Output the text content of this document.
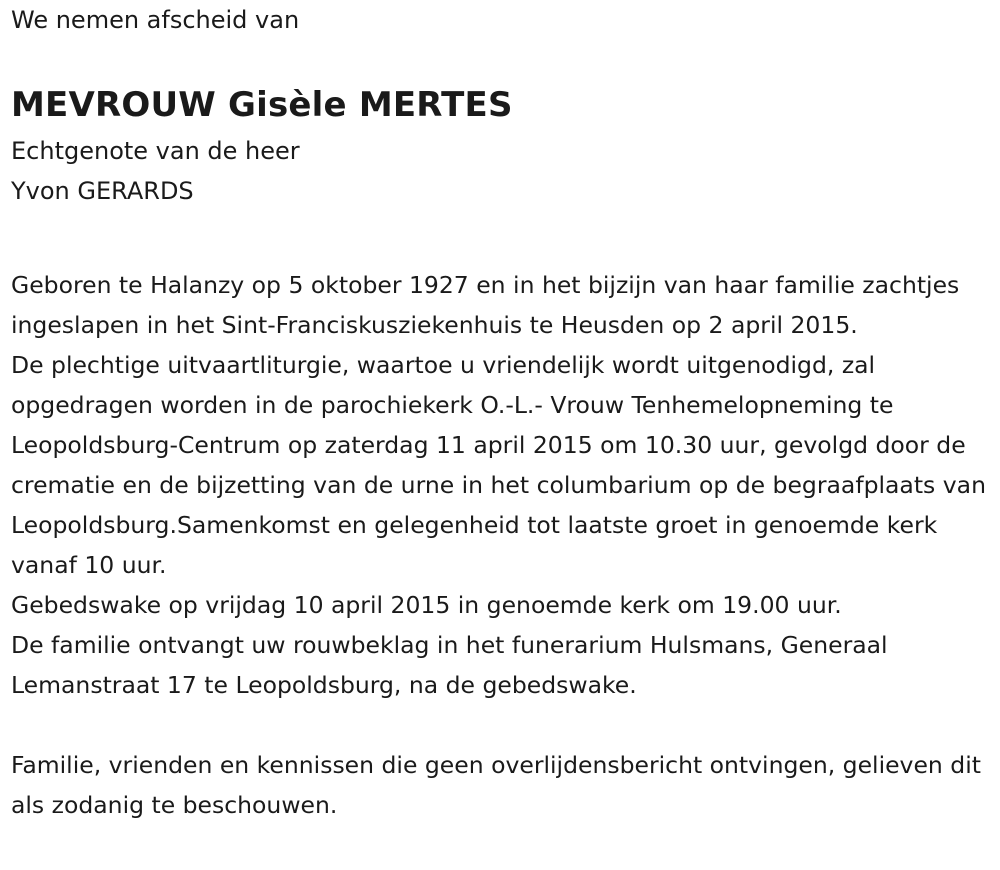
We nemen afscheid van

MEVROUW Gisèle MERTES

Echtgenote van de heer

Yvon GERARDS

Geboren te Halanzy op 5 oktober 1927 en in het bijzijn van haar familie zachtjes ingeslapen in het Sint-Franciskusziekenhuis te Heusden op 2 april 2015.

De plechtige uitvaartliturgie, waartoe u vriendelijk wordt uitgenodigd, zal opgedragen worden in de parochiekerk O.-L.- Vrouw Tenhemelopneming te Leopoldsburg-Centrum op zaterdag 11 april 2015 om 10.30 uur, gevolgd door de crematie en de bijzetting van de urne in het columbarium op de begraafplaats van Leopoldsburg.Samenkomst en gelegenheid tot laatste groet in genoemde kerk vanaf 10 uur.

Gebedswake op vrijdag 10 april 2015 in genoemde kerk om 19.00 uur.

De familie ontvangt uw rouwbeklag in het funerarium Hulsmans, Generaal Lemanstraat 17 te Leopoldsburg, na de gebedswake.

Familie, vrienden en kennissen die geen overlijdensbericht ontvingen, gelieven dit als zodanig te beschouwen.
